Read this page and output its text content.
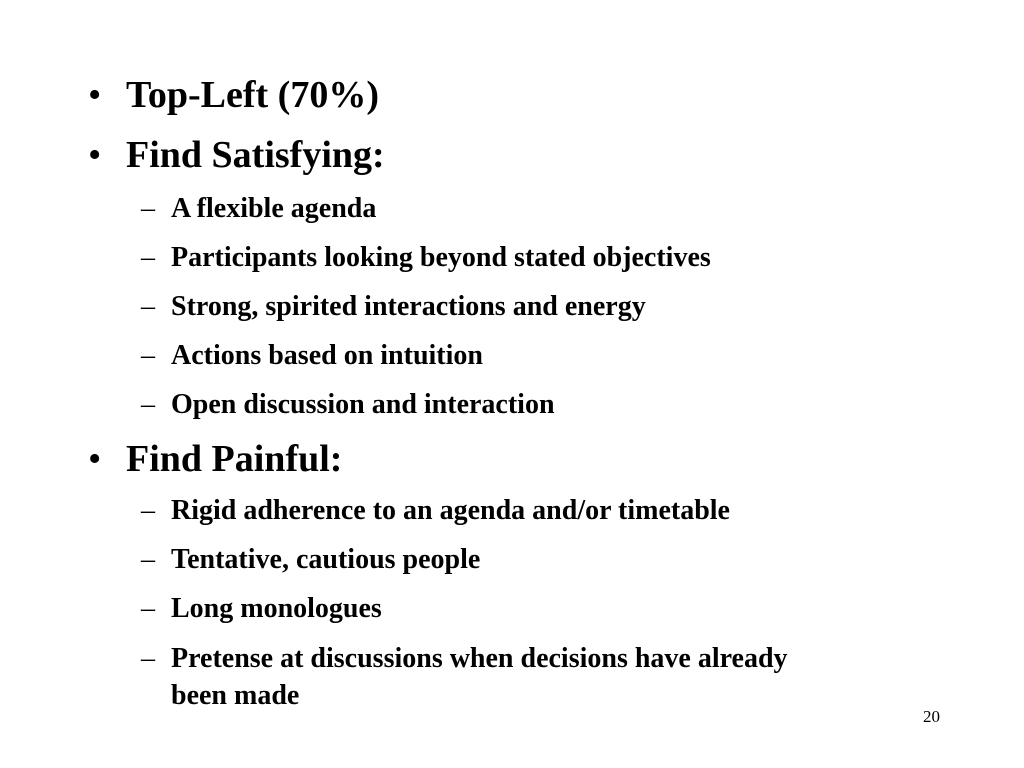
• Top-Left (70%)
• Find Satisfying:
– A flexible agenda
– Participants looking beyond stated objectives
– Strong, spirited interactions and energy
– Actions based on intuition
– Open discussion and interaction
• Find Painful:
– Rigid adherence to an agenda and/or timetable
– Tentative, cautious people
– Long monologues
– Pretense at discussions when decisions have already been made
20
